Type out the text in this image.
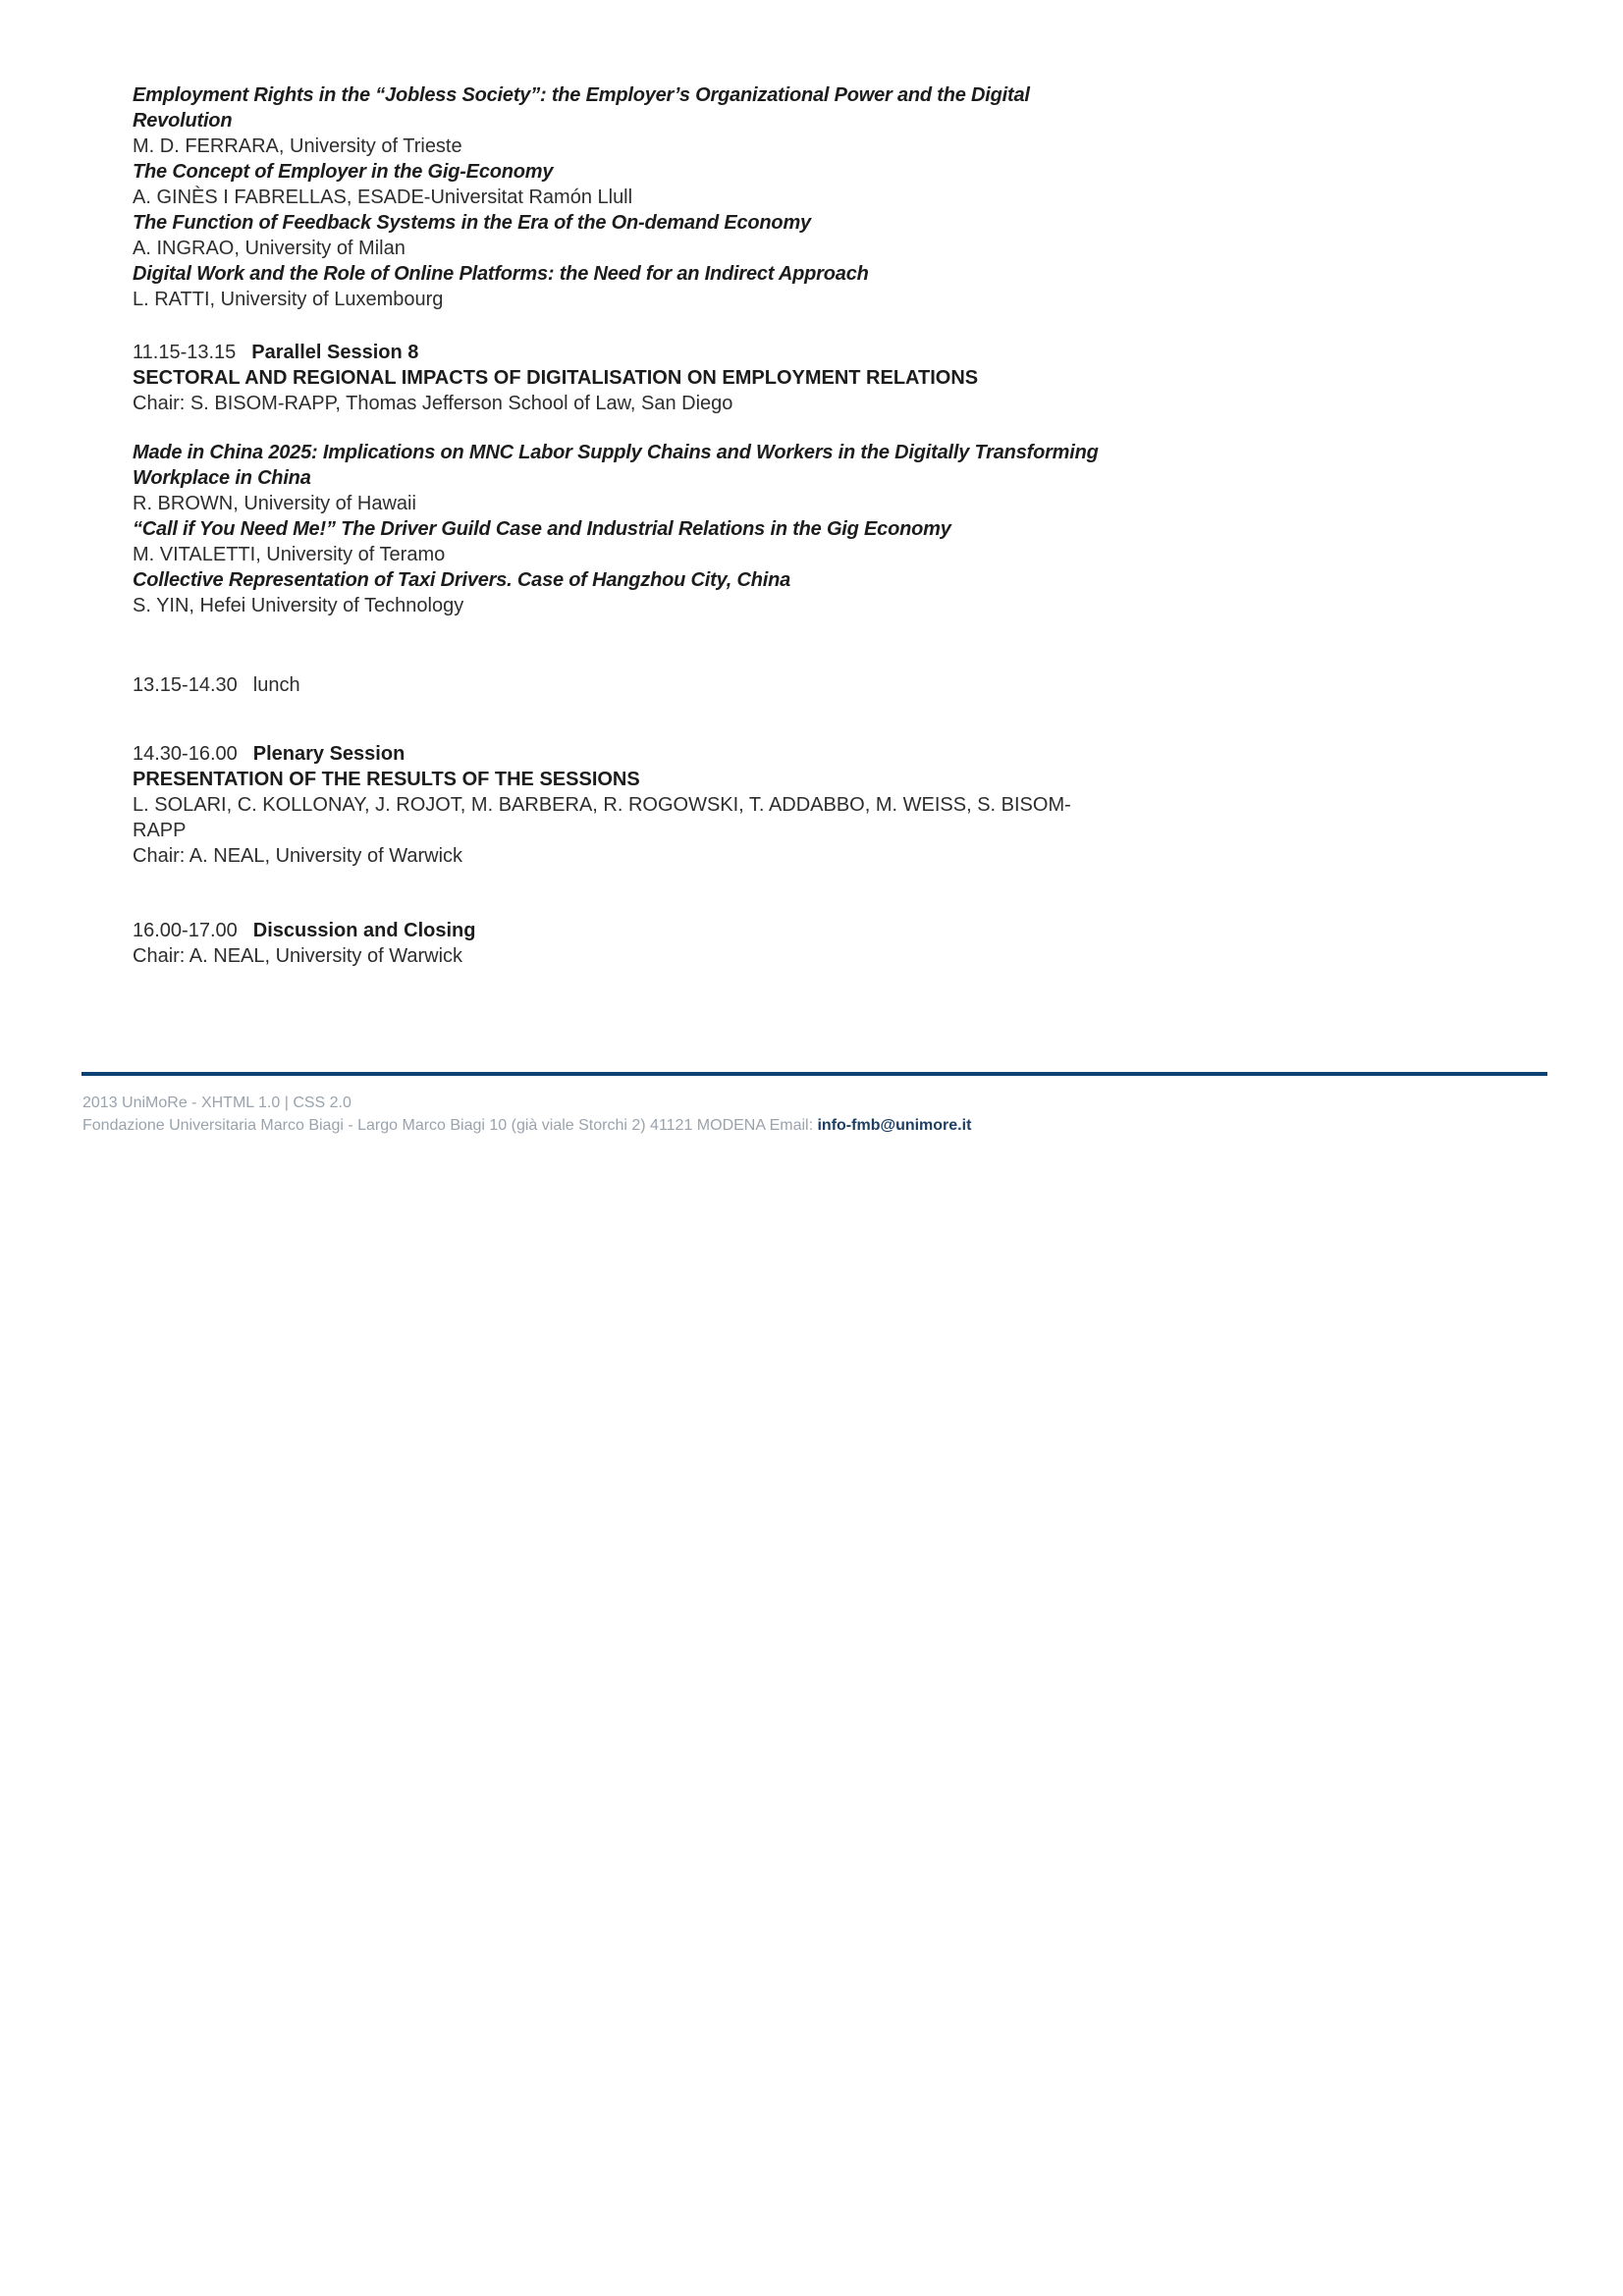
Employment Rights in the “Jobless Society”: the Employer’s Organizational Power and the Digital Revolution

M. D. FERRARA, University of Trieste

The Concept of Employer in the Gig-Economy

A. GINÈS I FABRELLAS, ESADE-Universitat Ramón Llull

The Function of Feedback Systems in the Era of the On-demand Economy

A. INGRAO, University of Milan

Digital Work and the Role of Online Platforms: the Need for an Indirect Approach

L. RATTI, University of Luxembourg

11.15-13.15 Parallel Session 8

SECTORAL AND REGIONAL IMPACTS OF DIGITALISATION ON EMPLOYMENT RELATIONS

Chair: S. BISOM-RAPP, Thomas Jefferson School of Law, San Diego

Made in China 2025: Implications on MNC Labor Supply Chains and Workers in the Digitally Transforming Workplace in China

R. BROWN, University of Hawaii

“Call if You Need Me!” The Driver Guild Case and Industrial Relations in the Gig Economy

M. VITALETTI, University of Teramo

Collective Representation of Taxi Drivers. Case of Hangzhou City, China

S. YIN, Hefei University of Technology

13.15-14.30 lunch

14.30-16.00 Plenary Session

PRESENTATION OF THE RESULTS OF THE SESSIONS

L. SOLARI, C. KOLLONAY, J. ROJOT, M. BARBERA, R. ROGOWSKI, T. ADDABBO, M. WEISS, S. BISOM-RAPP

Chair: A. NEAL, University of Warwick

16.00-17.00 Discussion and Closing

Chair: A. NEAL, University of Warwick

2013 UniMoRe - XHTML 1.0 | CSS 2.0

Fondazione Universitaria Marco Biagi - Largo Marco Biagi 10 (già viale Storchi 2) 41121 MODENA Email: info-fmb@unimore.it
